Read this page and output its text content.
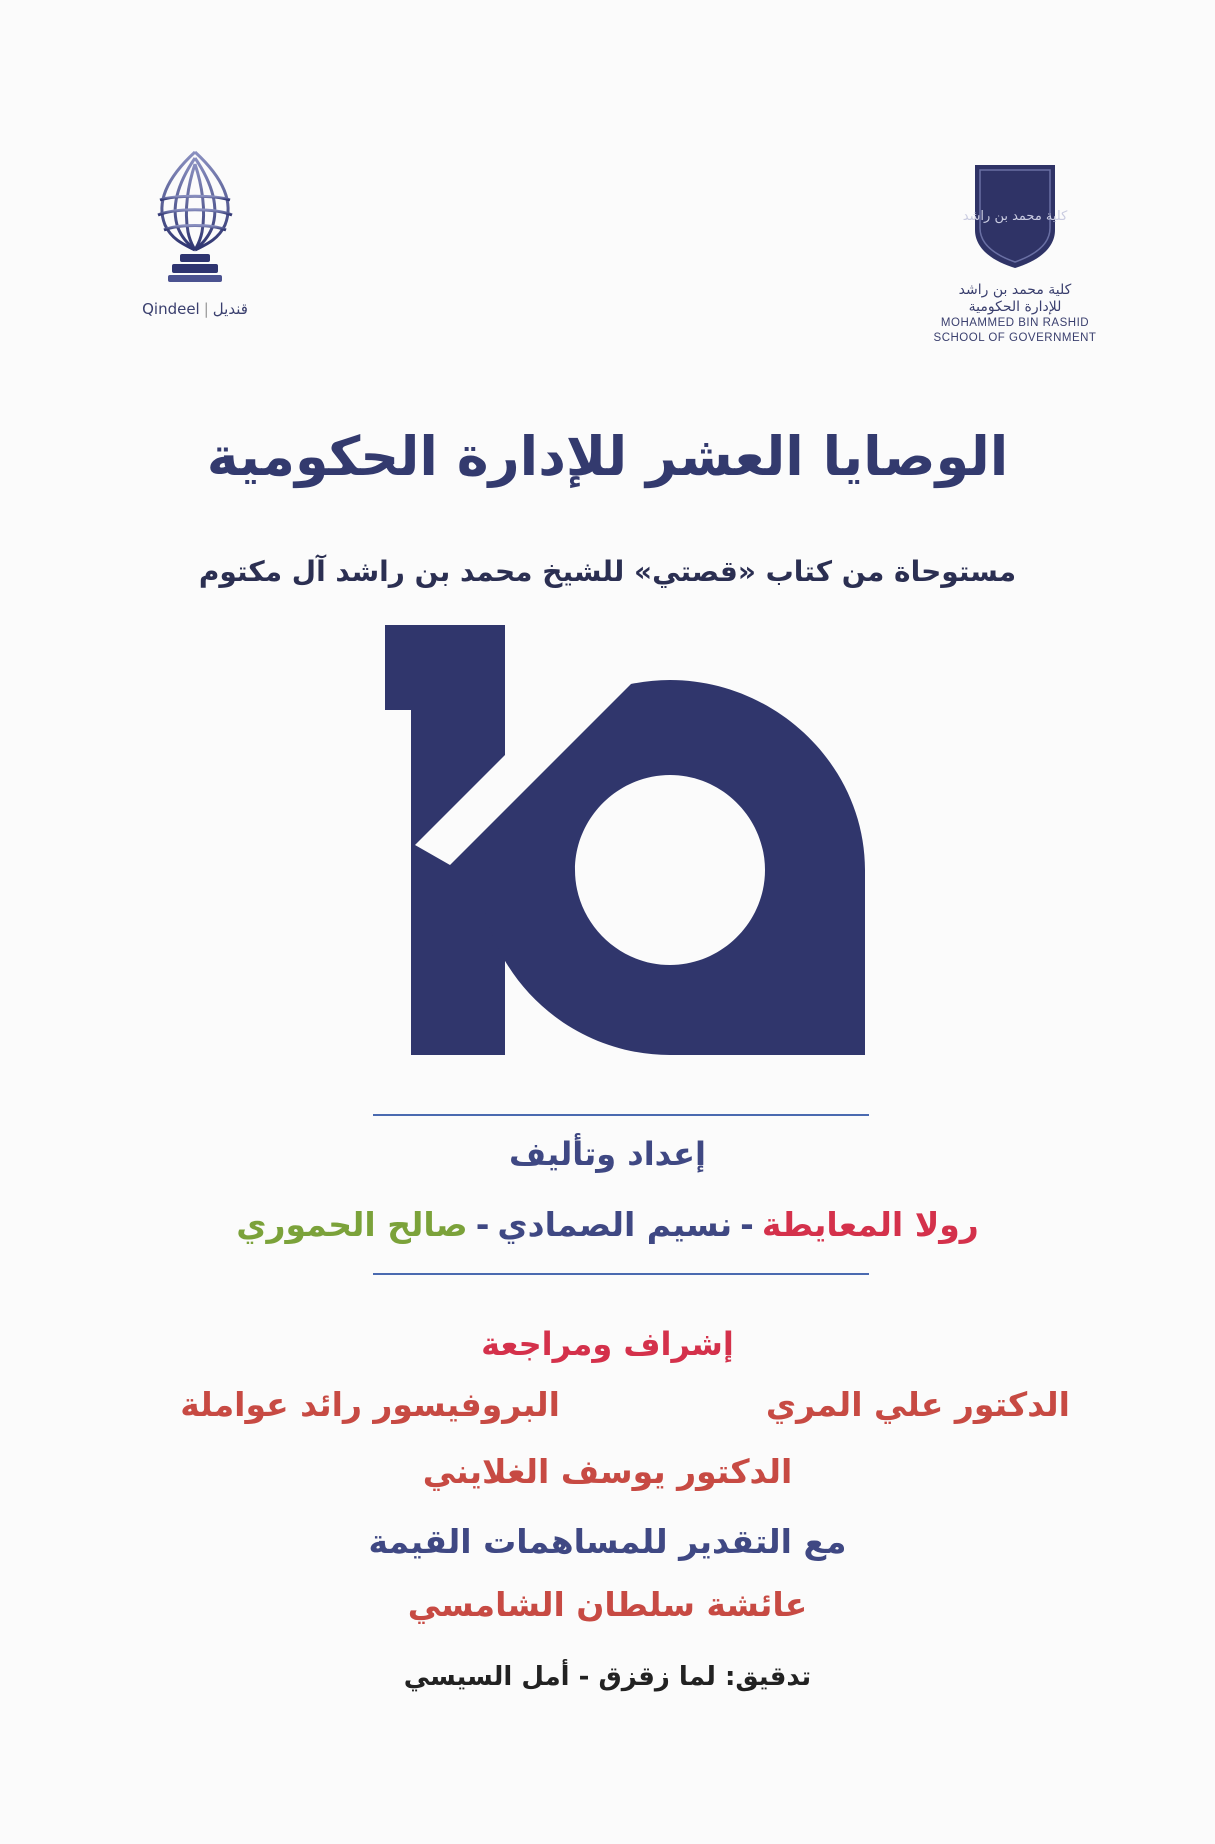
Qindeel | قنديل
كلية محمد بن راشد
كلية محمد بن راشد
للإدارة الحكومية
MOHAMMED BIN RASHID
SCHOOL OF GOVERNMENT
الوصايا العشر للإدارة الحكومية
مستوحاة من كتاب «قصتي» للشيخ محمد بن راشد آل مكتوم
إعداد وتأليف
رولا المعايطة-نسيم الصمادي-صالح الحموري
إشراف ومراجعة
الدكتور علي المري
البروفيسور رائد عواملة
الدكتور يوسف الغلايني
مع التقدير للمساهمات القيمة
عائشة سلطان الشامسي
تدقيق: لما زقزق - أمل السيسي
